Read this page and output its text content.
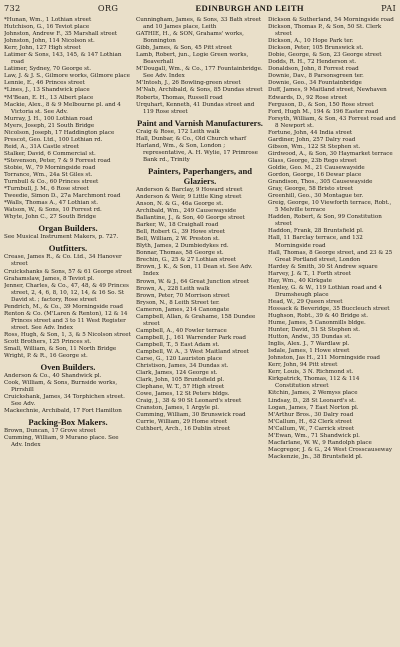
732	ORG	EDINBURGH AND LEITH	PAI
*Hunan, Wm., 1 Lothian street
Hutchison, G., 16 Teviot place
Johnston, Andrew F., 35 Marshall street
Johnston, John, 114 Nicolson st.
Kerr, John, 127 High street
Latimer & Sons, 143, 145, & 147 Lothian road
Latimer, Sydney, 70 George st.
Law, J. & J. S., Gilmore works, Gilmore place
Lennie, E., 46 Princes street
*Lines, J., 13 Shandwick place
*M'Bean, E. H., 13 Albert place
Mackie, Alex., 8 & 9 Melbourne pl. and 4 Victoria st. See Adv.
Murray, J. H., 100 Lothian road
Myers, Joseph, 21 South Bridge
Nicolson, Joseph, 17 Haddington place
Prescot, Geo. Ltd., 100 Lothian rd.
Reid, A., 31A Castle street
Stalker, David, 6 Commercial st.
*Stevenson, Peter, 7 & 9 Forrest road
Stobie, W., 79 Morningside road
Torrance, Wm., 24a St Giles st.
Turnbull & Co., 60 Princes street
*Turnbull, J. M., 6 Rose street
Tweedie, Simon D., 27a Marchmont road
*Walls, Thomas A., 47 Lothian st.
Watson, W., & Sons, 10 Forrest rd.
Whyte, John C., 27 South Bridge
Organ Builders.
See Musical Instrument Makers, p. 727.
Outfitters.
Crease, James R., & Co. Ltd., 34 Hanover street
Cruickshanks & Sons, 57 & 61 George street
Grahamslaw, James, 8 Teviot pl.
Jenner, Charles, & Co., 47, 48, & 49 Princes street, 2, 4, 6, 8, 10, 12, 14, & 16 So. St David st. ; factory, Rose street
Pendrich, M., & Co., 39 Morningside road
Renton & Co. (M'Laren & Renton), 12 & 14 Princes street and 3 to 11 West Register street. See Adv. Index
Ross, Hugh, & Son, 1, 3, & 5 Nicolson street
Scott Brothers, 125 Princes st.
Small, William, & Son, 11 North Bridge
Wright, P. & R., 16 George st.
Oven Builders.
Anderson & Co., 40 Shandwick pl.
Cook, William, & Sons, Burnside works, Pirrshill
Cruickshank, James, 34 Torphichen street. See Adv.
Mackechnie, Archibald, 17 Fort Hamilton
Packing-Box Makers.
Brown, Duncan, 17 Grove street
Cumming, William, 9 Murano place. See Adv. Index
Cunningham, James, & Sons, 33 Bath street and 10 James place, Leith
GATHIE, H., & SON, Grahams' works, Bonnington
Gibb, James, & Son, 45 Pitt street
Lamb, Robert, jun., Logie Green works, Beaverhall
M'Dougall, Wm., & Co., 177 Fountainbridge. See Adv. Index
M'Intosh, J., 26 Bowling-green street
M'Nab, Archibald, & Sons, 85 Dundas street
Roberts, Thomas, Russell road
Urquhart, Kenneth, 41 Dundas street and 119 Rose street
Paint and Varnish Manufacturers.
Craig & Rose, 172 Leith walk
Hall, Dunbar, & Co., Old Church wharf
Harland, Wm., & Son, London ; representative, A. H. Wylie, 17 Primrose Bank rd., Trinity
Painters, Paperhangers, and Glaziers.
Anderson & Barclay, 9 Howard street
Anderson & Weir, 9 Little King street
Anson, N. & G., 46a George st.
Archibald, Wm., 249 Causewayside
Ballantine, J., & Son, 40 George street
Barker, W., 18 Craighall road
Bell, Robert G., 39 Howe street
Bell, William, 2 W. Preston st.
Blyth, James, 2 Dumbiedykes rd.
Bonnar, Thomas, 58 George st.
Brechin, G., 25 & 27 Lothian street
Brown, J. K., & Son, 11 Dean st. See Adv. Index
Brown, W. & J., 64 Great Junction street
Brown, A., 228 Leith walk
Brown, Peter, 70 Morrison street
Bryson, N., 8 Leith Street ter.
Cameron, James, 214 Canongate
Campbell, Allan, & Grahame, 158 Dundee street
Campbell, A., 40 Fowler terrace
Campbell, J., 161 Warrender Park road
Campbell, T., 5 East Adam st.
Campbell, W. A., 3 West Maitland street
Carse, G., 120 Lauriston place
Christison, James, 34 Dundas st.
Clark, James, 124 George st.
Clark, John, 105 Bruntsfield pl.
Clephane, W. T., 57 High street
Cowe, James, 12 St Peters bldgs.
Craig, J., 38 & 90 St Leonard's street
Cranston, James, 1 Argyle pl.
Cumming, William, 30 Brunswick road
Currie, William, 29 Home street
Cuthbert, Arch., 16 Dublin street
Dickson & Sutherland, 54 Morningside road
Dickson, Thomas P., & Son, 50 St. Clerk street
Dickson, A., 10 Hope Park ter.
Dickson, Peter, 105 Brunswick st.
Dobie, George, & Son, 23 George street
Dodds, R. H., 72 Henderson st.
Donaldson, John, 8 Forrest road
Downie, Dav., 8 Parsonsgreen ter.
Downie, Geo., 34 Fountainbridge
Duff, James, 9 Maitland street, Newhaven
Edwards, D., 92 Rose street
Ferguson, D., & Son, 150 Rose street
Ford, Hugh M., 194 & 196 Easter road
Forsyth, William, & Son, 43 Forrest road and 8 Newport st.
Fortune, John, 44 India street
Gardiner, John, 257 Dalry road
Gibson, Wm., 122 St Stephen st.
Girdwood, A., & Son, 30 Haymarket terrace
Glass, George, 23b Rego street
Goldie, Geo. M., 21 Causewayside
Gordon, George, 16 Dewar place
Grandison, Thos., 305 Causewayside
Gray, George, 58 Bristo street
Greenhill, Geo., 30 Montague ter.
Greig, George, 10 Viewforth terrace, Robt., 5 Melville terrace
Hadden, Robert, & Son, 99 Constitution street
Haddon, Frank, 28 Bruntsfield pl.
Hall, 11 Barclay terrace, and 132 Morningside road
Hall, Thomas, 8 George street, and 23 & 25 Great Portland street, London
Hardey & Smith, 30 St Andrew square
Harvey, J. & T., 1 Forth street
Hay, Wm., 40 Kirkgate
Henley, G. & W., 119 Lothian road and 4 Drumsheugh place
Head, W., 29 Queen street
Hossack & Beveridge, 35 Buccleuch street
Hughson, Robt., 39 & 40 Bridge st.
Hume, James, 5 Canonmills bldge.
Hunter, David, 51 St Stephen st.
Hutton, Andw., 35 Dundas st.
Inglis, Alex. J., 7 Wardlaw pl.
Isdale, James, 1 Howe street
Johnston, Jas H., 211 Morningside road
Kerr, John, 94 Pitt street
Kerr, Louis, 3 N. Richmond st.
Kirkpatrick, Thomas, 112 & 114 Constitution street
Kitchin, James, 2 Wemyss place
Lindsay, D., 28 St Leonard's st.
Logan, James, 7 East Norton pl.
M'Arthur Bros., 30 Dalry road
M'Callum, H., 62 Clerk street
M'Callum, W., 7 Carrick street
M'Ewan, Wm., 71 Shandwick pl.
Macfarlane, W. W., 9 Randolph place
Macgregor, J. & G., 24 West Crosscauseway
Mackenzie, Jn., 38 Bruntsfield pl.
